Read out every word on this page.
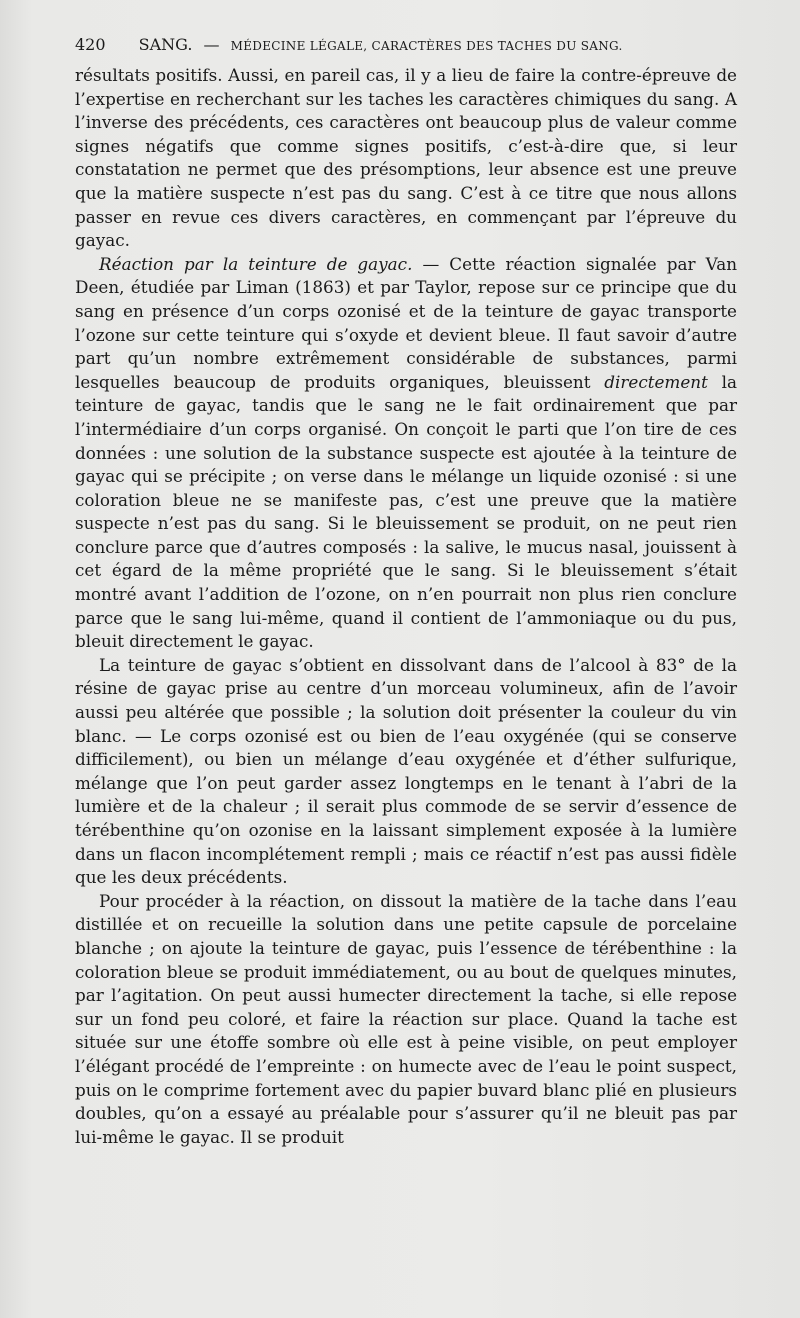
420 SANG. — MÉDECINE LÉGALE, CARACTÈRES DES TACHES DU SANG.

résultats positifs. Aussi, en pareil cas, il y a lieu de faire la contre-épreuve de l’expertise en recherchant sur les taches les caractères chimiques du sang. A l’inverse des précédents, ces caractères ont beaucoup plus de valeur comme signes négatifs que comme signes positifs, c’est-à-dire que, si leur constatation ne permet que des présomptions, leur absence est une preuve que la matière suspecte n’est pas du sang. C’est à ce titre que nous allons passer en revue ces divers caractères, en commençant par l’épreuve du gayac.

Réaction par la teinture de gayac. — Cette réaction signalée par Van Deen, étudiée par Liman (1863) et par Taylor, repose sur ce principe que du sang en présence d’un corps ozonisé et de la teinture de gayac transporte l’ozone sur cette teinture qui s’oxyde et devient bleue. Il faut savoir d’autre part qu’un nombre extrêmement considérable de substances, parmi lesquelles beaucoup de produits organiques, bleuissent directement la teinture de gayac, tandis que le sang ne le fait ordinairement que par l’intermédiaire d’un corps organisé. On conçoit le parti que l’on tire de ces données : une solution de la substance suspecte est ajoutée à la teinture de gayac qui se précipite ; on verse dans le mélange un liquide ozonisé : si une coloration bleue ne se manifeste pas, c’est une preuve que la matière suspecte n’est pas du sang. Si le bleuissement se produit, on ne peut rien conclure parce que d’autres composés : la salive, le mucus nasal, jouissent à cet égard de la même propriété que le sang. Si le bleuissement s’était montré avant l’addition de l’ozone, on n’en pourrait non plus rien conclure parce que le sang lui-même, quand il contient de l’ammoniaque ou du pus, bleuit directement le gayac.

La teinture de gayac s’obtient en dissolvant dans de l’alcool à 83° de la résine de gayac prise au centre d’un morceau volumineux, afin de l’avoir aussi peu altérée que possible ; la solution doit présenter la couleur du vin blanc. — Le corps ozonisé est ou bien de l’eau oxygénée (qui se conserve difficilement), ou bien un mélange d’eau oxygénée et d’éther sulfurique, mélange que l’on peut garder assez longtemps en le tenant à l’abri de la lumière et de la chaleur ; il serait plus commode de se servir d’essence de térébenthine qu’on ozonise en la laissant simplement exposée à la lumière dans un flacon incomplétement rempli ; mais ce réactif n’est pas aussi fidèle que les deux précédents.

Pour procéder à la réaction, on dissout la matière de la tache dans l’eau distillée et on recueille la solution dans une petite capsule de porcelaine blanche ; on ajoute la teinture de gayac, puis l’essence de térébenthine : la coloration bleue se produit immédiatement, ou au bout de quelques minutes, par l’agitation. On peut aussi humecter directement la tache, si elle repose sur un fond peu coloré, et faire la réaction sur place. Quand la tache est située sur une étoffe sombre où elle est à peine visible, on peut employer l’élégant procédé de l’empreinte : on humecte avec de l’eau le point suspect, puis on le comprime fortement avec du papier buvard blanc plié en plusieurs doubles, qu’on a essayé au préalable pour s’assurer qu’il ne bleuit pas par lui-même le gayac. Il se produit
